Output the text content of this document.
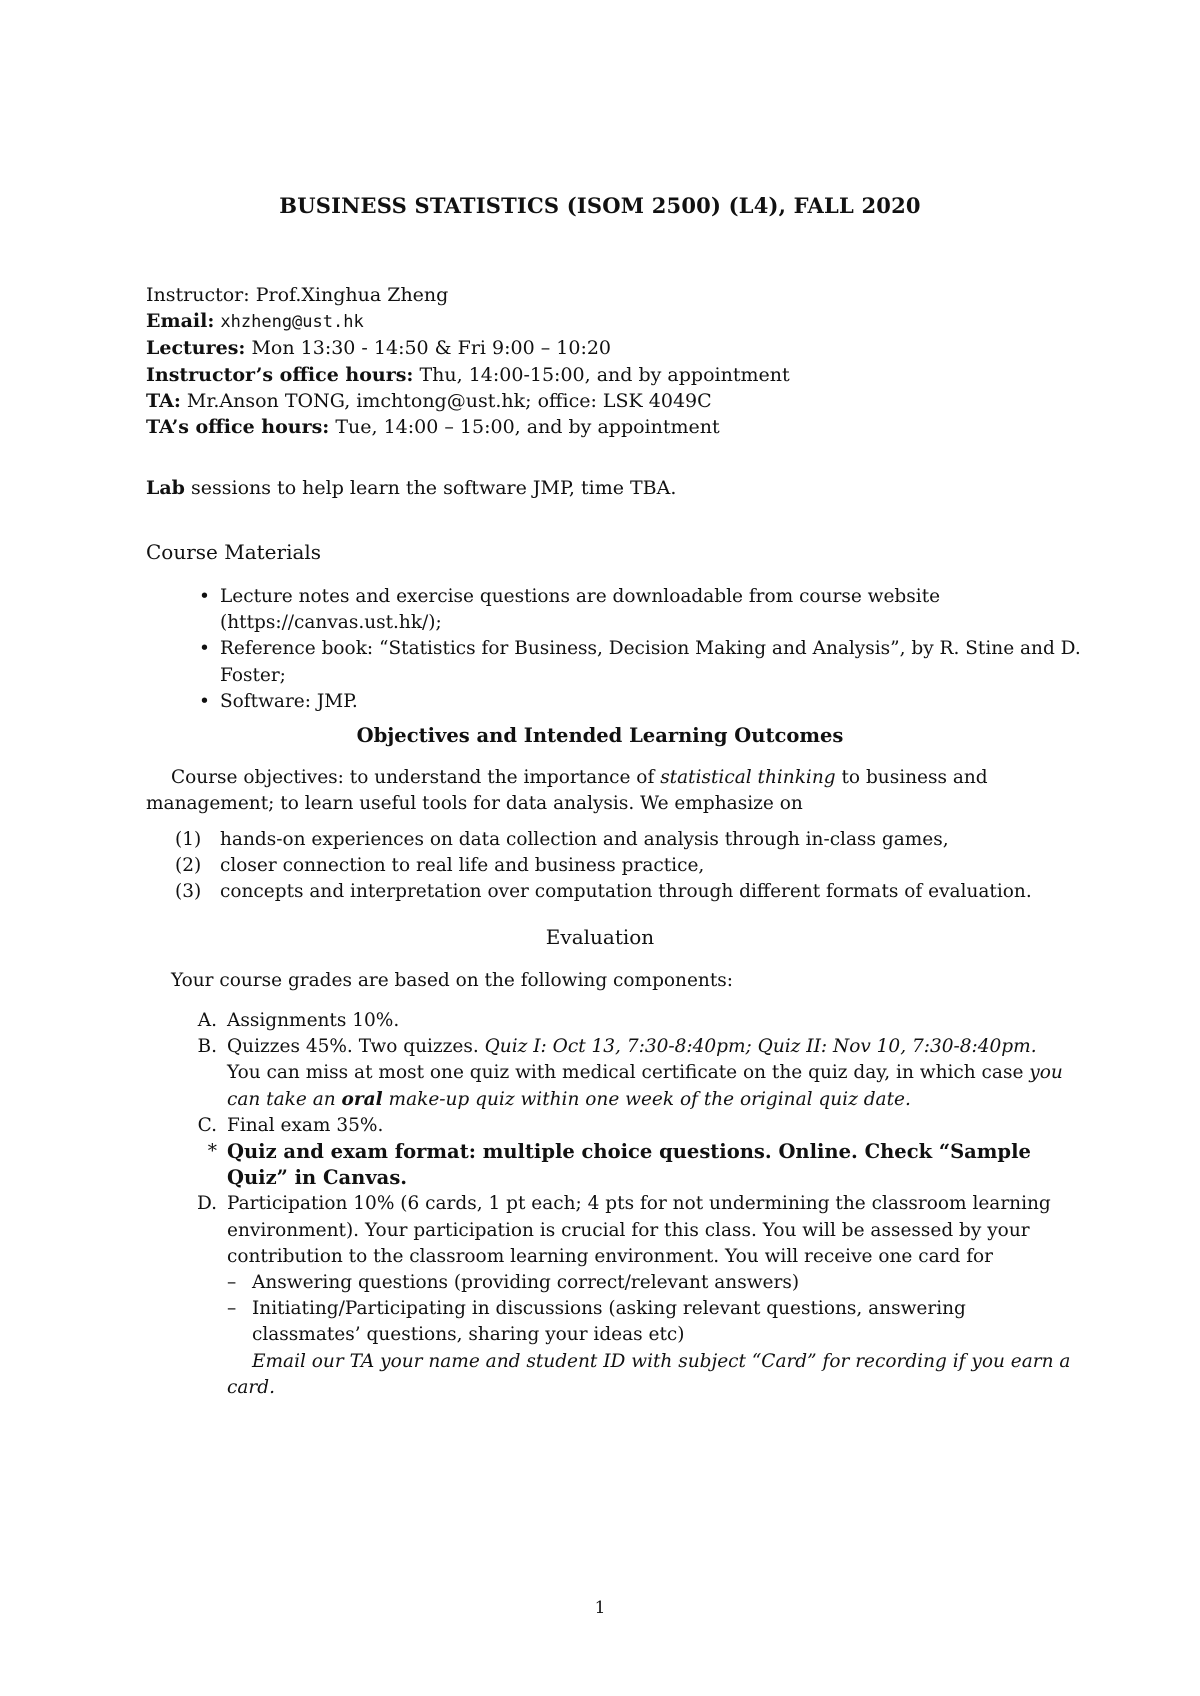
BUSINESS STATISTICS (ISOM 2500) (L4), FALL 2020
Instructor: Prof.Xinghua Zheng
Email: xhzheng@ust.hk
Lectures: Mon 13:30 - 14:50 & Fri 9:00 – 10:20
Instructor’s office hours: Thu, 14:00-15:00, and by appointment
TA: Mr.Anson TONG, imchtong@ust.hk; office: LSK 4049C
TA’s office hours: Tue, 14:00 – 15:00, and by appointment
Lab sessions to help learn the software JMP, time TBA.
Course Materials
• Lecture notes and exercise questions are downloadable from course website (https://canvas.ust.hk/);
• Reference book: “Statistics for Business, Decision Making and Analysis”, by R. Stine and D. Foster;
• Software: JMP.
Objectives and Intended Learning Outcomes
Course objectives: to understand the importance of statistical thinking to business and management; to learn useful tools for data analysis. We emphasize on
(1)	hands-on experiences on data collection and analysis through in-class games,
(2)	closer connection to real life and business practice,
(3)	concepts and interpretation over computation through different formats of evaluation.
Evaluation
Your course grades are based on the following components:
A. Assignments 10%.
B. Quizzes 45%. Two quizzes. Quiz I: Oct 13, 7:30-8:40pm; Quiz II: Nov 10, 7:30-8:40pm. You can miss at most one quiz with medical certificate on the quiz day, in which case you can take an oral make-up quiz within one week of the original quiz date.
C. Final exam 35%.
* Quiz and exam format: multiple choice questions. Online. Check “Sample Quiz” in Canvas.
D. Participation 10% (6 cards, 1 pt each; 4 pts for not undermining the classroom learning environment). Your participation is crucial for this class. You will be assessed by your contribution to the classroom learning environment. You will receive one card for
– Answering questions (providing correct/relevant answers)
– Initiating/Participating in discussions (asking relevant questions, answering classmates’ questions, sharing your ideas etc)
Email our TA your name and student ID with subject “Card” for recording if you earn a card.
1
